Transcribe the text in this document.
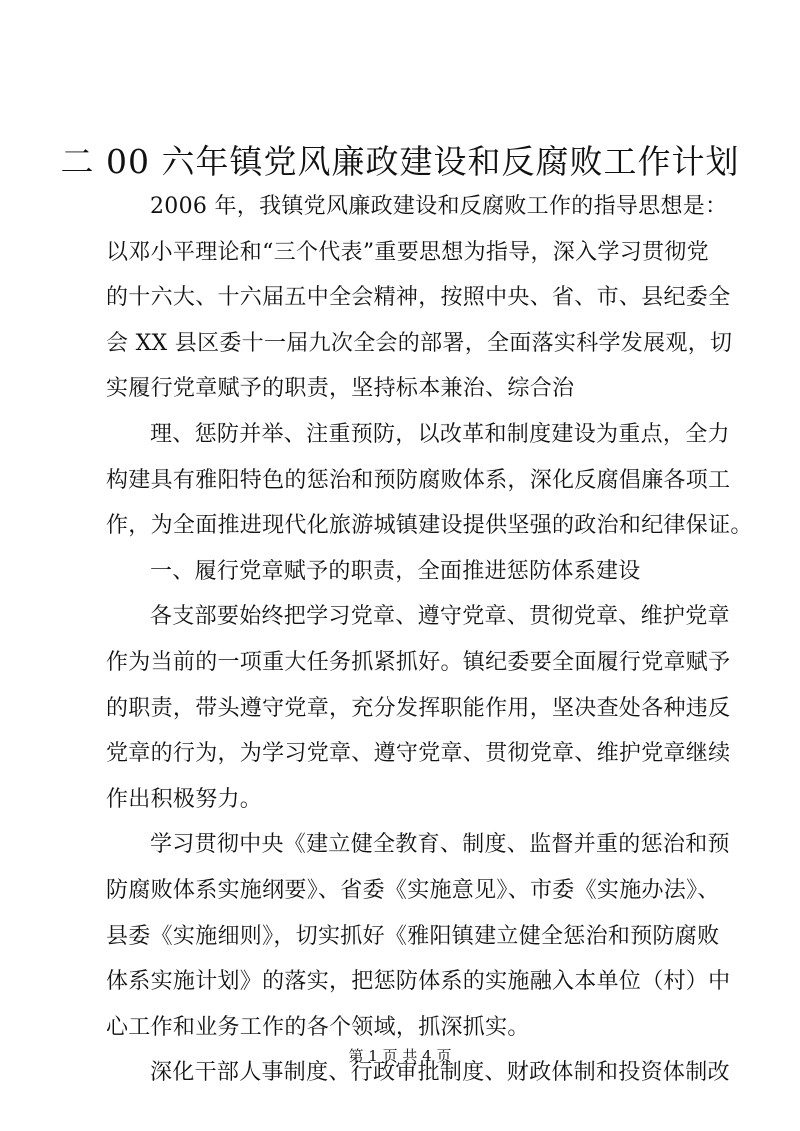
二 00 六年镇党风廉政建设和反腐败工作计划
2006 年，我镇党风廉政建设和反腐败工作的指导思想是：
以邓小平理论和“三个代表”重要思想为指导，深入学习贯彻党
的十六大、十六届五中全会精神，按照中央、省、市、县纪委全
会 XX 县区委十一届九次全会的部署，全面落实科学发展观，切
实履行党章赋予的职责，坚持标本兼治、综合治
理、惩防并举、注重预防，以改革和制度建设为重点，全力
构建具有雅阳特色的惩治和预防腐败体系，深化反腐倡廉各项工
作，为全面推进现代化旅游城镇建设提供坚强的政治和纪律保证。
一、履行党章赋予的职责，全面推进惩防体系建设
各支部要始终把学习党章、遵守党章、贯彻党章、维护党章
作为当前的一项重大任务抓紧抓好。镇纪委要全面履行党章赋予
的职责，带头遵守党章，充分发挥职能作用，坚决查处各种违反
党章的行为，为学习党章、遵守党章、贯彻党章、维护党章继续
作出积极努力。
学习贯彻中央《建立健全教育、制度、监督并重的惩治和预
防腐败体系实施纲要》、省委《实施意见》、市委《实施办法》、
县委《实施细则》，切实抓好《雅阳镇建立健全惩治和预防腐败
体系实施计划》的落实，把惩防体系的实施融入本单位（村）中
心工作和业务工作的各个领域，抓深抓实。
深化干部人事制度、行政审批制度、财政体制和投资体制改
第 1 页 共 4 页
